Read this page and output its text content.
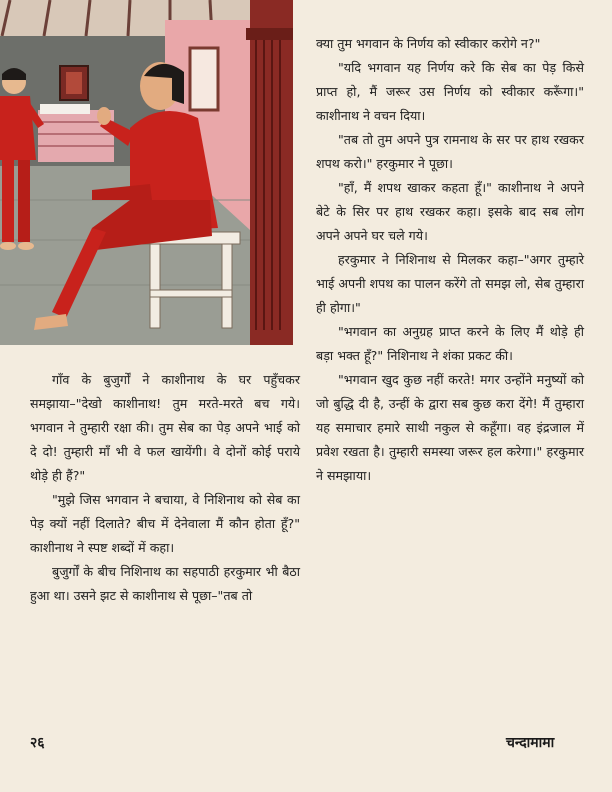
गाँव के बुजुर्गों ने काशीनाथ के घर पहुँचकर समझाया–"देखो काशीनाथ! तुम मरते-मरते बच गये। भगवान ने तुम्हारी रक्षा की। तुम सेब का पेड़ अपने भाई को दे दो! तुम्हारी माँ भी वे फल खायेंगी। वे दोनों कोई पराये थोड़े ही हैं?"

"मुझे जिस भगवान ने बचाया, वे निशिनाथ को सेब का पेड़ क्यों नहीं दिलाते? बीच में देनेवाला मैं कौन होता हूँ?" काशीनाथ ने स्पष्ट शब्दों में कहा।

बुजुर्गों के बीच निशिनाथ का सहपाठी हरकुमार भी बैठा हुआ था। उसने झट से काशीनाथ से पूछा–"तब तो

क्या तुम भगवान के निर्णय को स्वीकार करोगे न?"

"यदि भगवान यह निर्णय करे कि सेब का पेड़ किसे प्राप्त हो, मैं जरूर उस निर्णय को स्वीकार करूँगा।" काशीनाथ ने वचन दिया।

"तब तो तुम अपने पुत्र रामनाथ के सर पर हाथ रखकर शपथ करो।" हरकुमार ने पूछा।

"हाँ, मैं शपथ खाकर कहता हूँ।" काशीनाथ ने अपने बेटे के सिर पर हाथ रखकर कहा। इसके बाद सब लोग अपने अपने घर चले गये।

हरकुमार ने निशिनाथ से मिलकर कहा–"अगर तुम्हारे भाई अपनी शपथ का पालन करेंगे तो समझ लो, सेब तुम्हारा ही होगा।"

"भगवान का अनुग्रह प्राप्त करने के लिए मैं थोड़े ही बड़ा भक्त हूँ?" निशिनाथ ने शंका प्रकट की।

"भगवान खुद कुछ नहीं करते! मगर उन्होंने मनुष्यों को जो बुद्धि दी है, उन्हीं के द्वारा सब कुछ करा देंगे! मैं तुम्हारा यह समाचार हमारे साथी नकुल से कहूँगा। वह इंद्रजाल में प्रवेश रखता है। तुम्हारी समस्या जरूर हल करेगा।" हरकुमार ने समझाया।

२६	चन्दामामा
